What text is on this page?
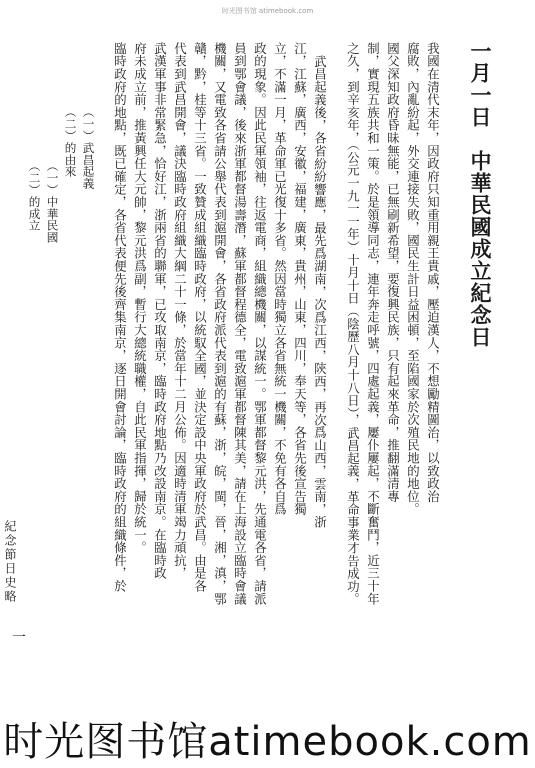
时光图书馆 atimebook.com
一月一日　中華民國成立紀念日
我國在清代末年，因政府只知重用親王貴戚，壓迫漢人，不想勵精圖治，以致政治
腐敗，內亂紛起，外交連接失敗，國民生計日益困頓，至陷國家於次殖民地的地位。
國父深知政府昏昧無能，已無刷新希望，要復興民族，只有起來革命，推翻滿清專
制，實現五族共和一策。於是領導同志，連年奔走呼號，四處起義，屢仆屢起，不斷奮鬥，近三十年
之久，到辛亥年，（公元一九一一年）十月十日（陰歷八月十八日），武昌起義，革命事業才告成功。
武昌起義後，各省紛紛響應，最先爲湖南，次爲江西，陝西，再次爲山西，雲南，浙
江，江蘇，廣西，安徽，福建，廣東，貴州，山東，四川，奉天等，各省先後宣告獨
立，不滿一月，革命軍已光復十多省。然因當時獨立各省無統一機關，不免有各自爲
政的現象。因此民軍領袖，往返電商，組織總機關，以謀統一。鄂軍都督黎元洪，先通電各省，請派
員到鄂會議，後來浙軍都督湯壽潛，蘇軍都督程德全，電致滬軍都督陳其美，請在上海設立臨時會議
機關，又電致各省請公舉代表到滬開會，各省政府派代表到滬的有蘇，浙，皖，閩，晉，湘，滇，鄂
贛，黔，桂等十三省。一致贊成組織臨時政府，以統馭全國，並決定設中央軍政府於武昌。由是各
代表到武昌開會，議決臨時政府組織大綱二十一條，於當年十二月公佈。因適時清軍竭力頑抗，
武漢軍事非常緊急，恰好江，浙兩省的聯軍，已攻取南京，臨時政府地點乃改設南京。在臨時政
府未成立前，推黃興任大元帥，黎元洪爲副，暫行大總統職權，自此民軍指揮，歸於統一。
臨時政府的地點，既已確定，各省代表便先後齊集南京，逐日開會討論，臨時政府的組織條件，於
（一）武昌起義
（二）的由來
（一）中華民國
（二）的成立
紀念節日史略
一
时光图书馆atimebook.com
